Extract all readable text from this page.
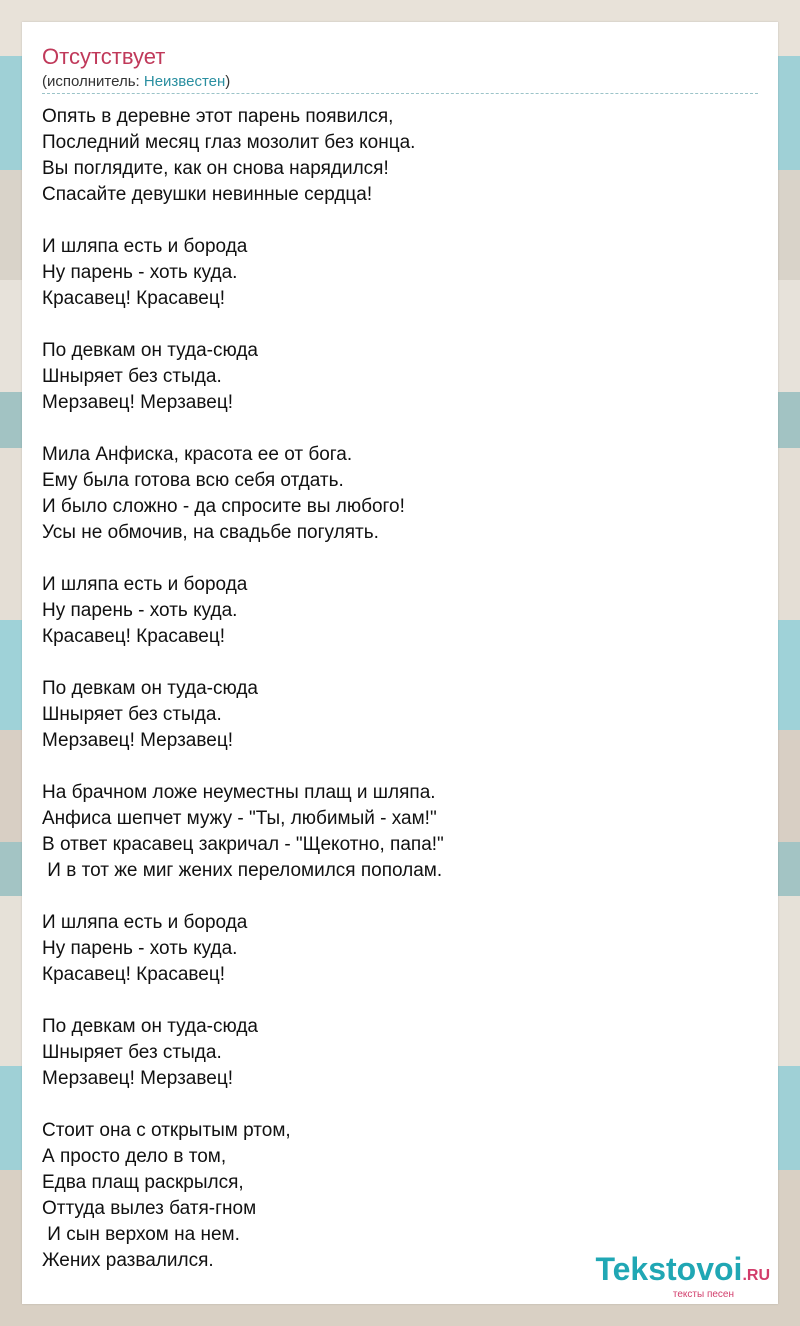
Отсутствует
(исполнитель: Неизвестен)
Опять в деревне этот парень появился,
Последний месяц глаз мозолит без конца.
Вы поглядите, как он снова нарядился!
Спасайте девушки невинные сердца!
И шляпа есть и борода
Ну парень - хоть куда.
Красавец! Красавец!
По девкам он туда-сюда
Шныряет без стыда.
Мерзавец! Мерзавец!
Мила Анфиска, красота ее от бога.
Ему была готова всю себя отдать.
И было сложно - да спросите вы любого!
Усы не обмочив, на свадьбе погулять.
И шляпа есть и борода
Ну парень - хоть куда.
Красавец! Красавец!
По девкам он туда-сюда
Шныряет без стыда.
Мерзавец! Мерзавец!
На брачном ложе неуместны плащ и шляпа.
Анфиса шепчет мужу - "Ты, любимый - хам!"
В ответ красавец закричал - "Щекотно, папа!"
И в тот же миг жених переломился пополам.
И шляпа есть и борода
Ну парень - хоть куда.
Красавец! Красавец!
По девкам он туда-сюда
Шныряет без стыда.
Мерзавец! Мерзавец!
Стоит она с открытым ртом,
А просто дело в том,
Едва плащ раскрылся,
Оттуда вылез батя-гном
И сын верхом на нем.
Жених развалился.	Tekstovoi.RU
тексты песен
